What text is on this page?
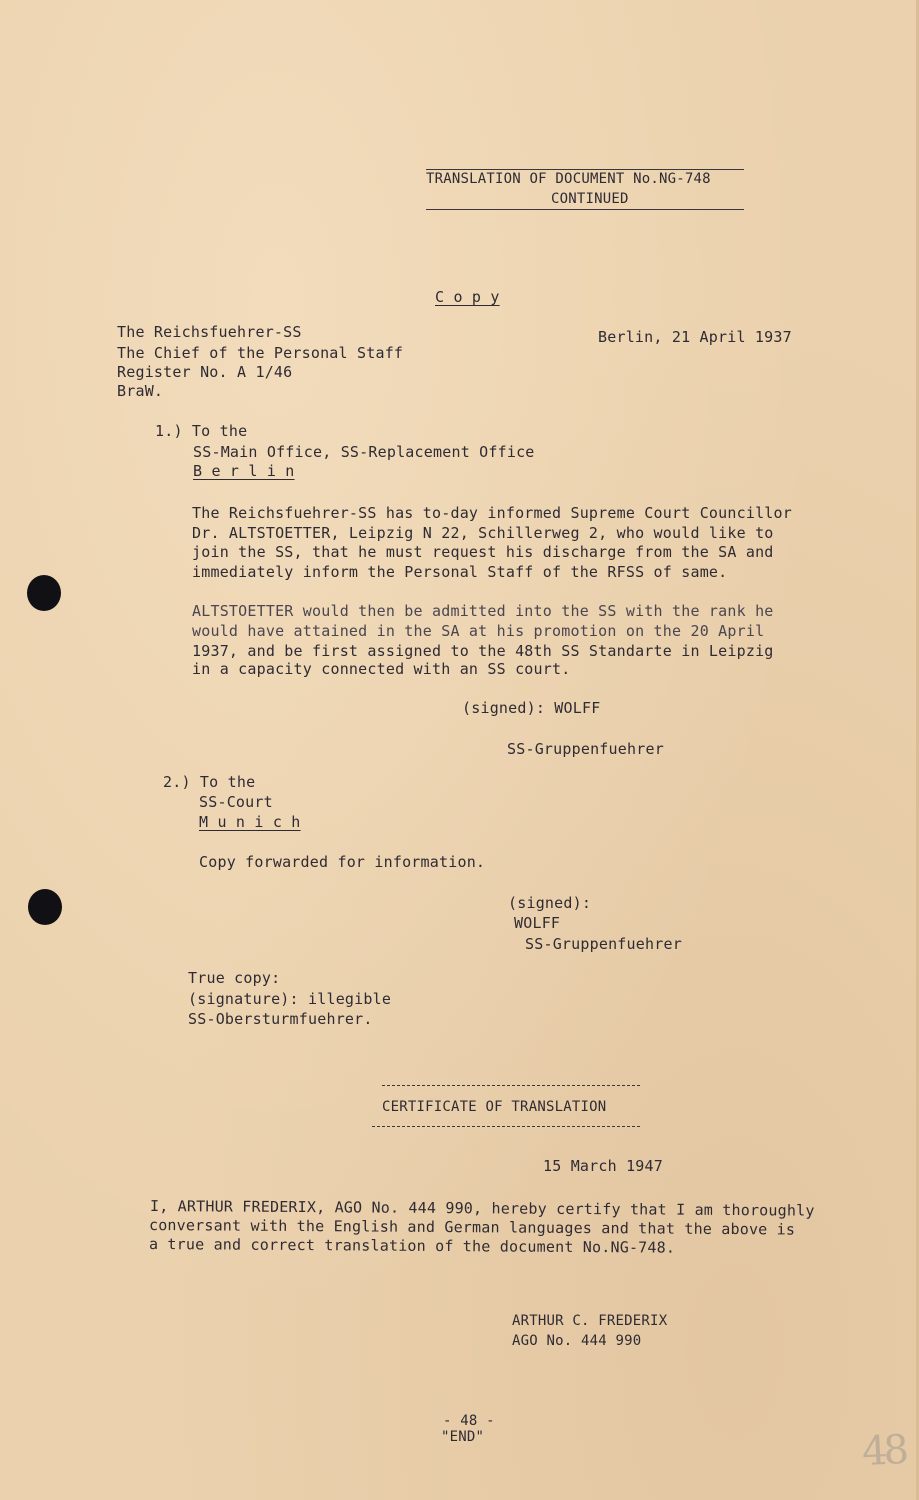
TRANSLATION OF DOCUMENT No.NG-748
CONTINUED
C o p y
The Reichsfuehrer-SS
The Chief of the Personal Staff
Register No. A 1/46
BraW.
Berlin, 21 April 1937
1.) To the
SS-Main Office, SS-Replacement Office
B e r l i n
The Reichsfuehrer-SS has to-day informed Supreme Court Councillor
Dr. ALTSTOETTER, Leipzig N 22, Schillerweg 2, who would like to
join the SS, that he must request his discharge from the SA and
immediately inform the Personal Staff of the RFSS of same.
ALTSTOETTER would then be admitted into the SS with the rank he
would have attained in the SA at his promotion on the 20 April
1937, and be first assigned to the 48th SS Standarte in Leipzig
in a capacity connected with an SS court.
(signed): WOLFF
SS-Gruppenfuehrer
2.) To the
SS-Court
M u n i c h
Copy forwarded for information.
(signed):
WOLFF
SS-Gruppenfuehrer
True copy:
(signature): illegible
SS-Obersturmfuehrer.
CERTIFICATE OF TRANSLATION
15 March 1947
I, ARTHUR FREDERIX, AGO No. 444 990, hereby certify that I am thoroughly
conversant with the English and German languages and that the above is
a true and correct translation of the document No.NG-748.
ARTHUR C. FREDERIX
AGO No. 444 990
- 48 -
"END"	48
